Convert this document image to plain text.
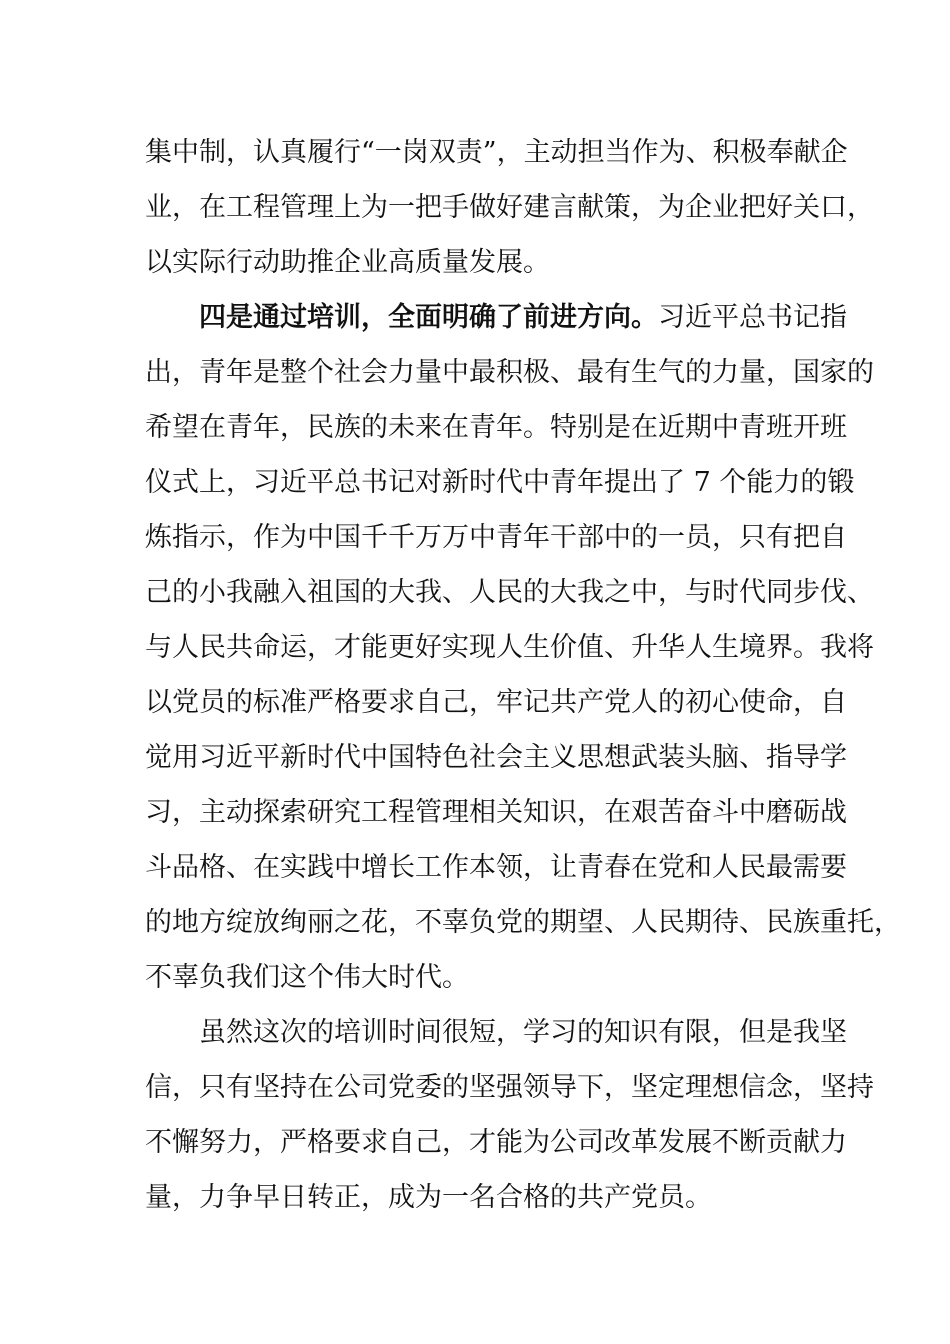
集中制，认真履行“一岗双责”，主动担当作为、积极奉献企
业，在工程管理上为一把手做好建言献策，为企业把好关口，
以实际行动助推企业高质量发展。
四是通过培训，全面明确了前进方向。习近平总书记指
出，青年是整个社会力量中最积极、最有生气的力量，国家的
希望在青年，民族的未来在青年。特别是在近期中青班开班
仪式上，习近平总书记对新时代中青年提出了 7 个能力的锻
炼指示，作为中国千千万万中青年干部中的一员，只有把自
己的小我融入祖国的大我、人民的大我之中，与时代同步伐、
与人民共命运，才能更好实现人生价值、升华人生境界。我将
以党员的标准严格要求自己，牢记共产党人的初心使命，自
觉用习近平新时代中国特色社会主义思想武装头脑、指导学
习，主动探索研究工程管理相关知识，在艰苦奋斗中磨砺战
斗品格、在实践中增长工作本领，让青春在党和人民最需要
的地方绽放绚丽之花，不辜负党的期望、人民期待、民族重托，
不辜负我们这个伟大时代。
虽然这次的培训时间很短，学习的知识有限，但是我坚
信，只有坚持在公司党委的坚强领导下，坚定理想信念，坚持
不懈努力，严格要求自己，才能为公司改革发展不断贡献力
量，力争早日转正，成为一名合格的共产党员。
